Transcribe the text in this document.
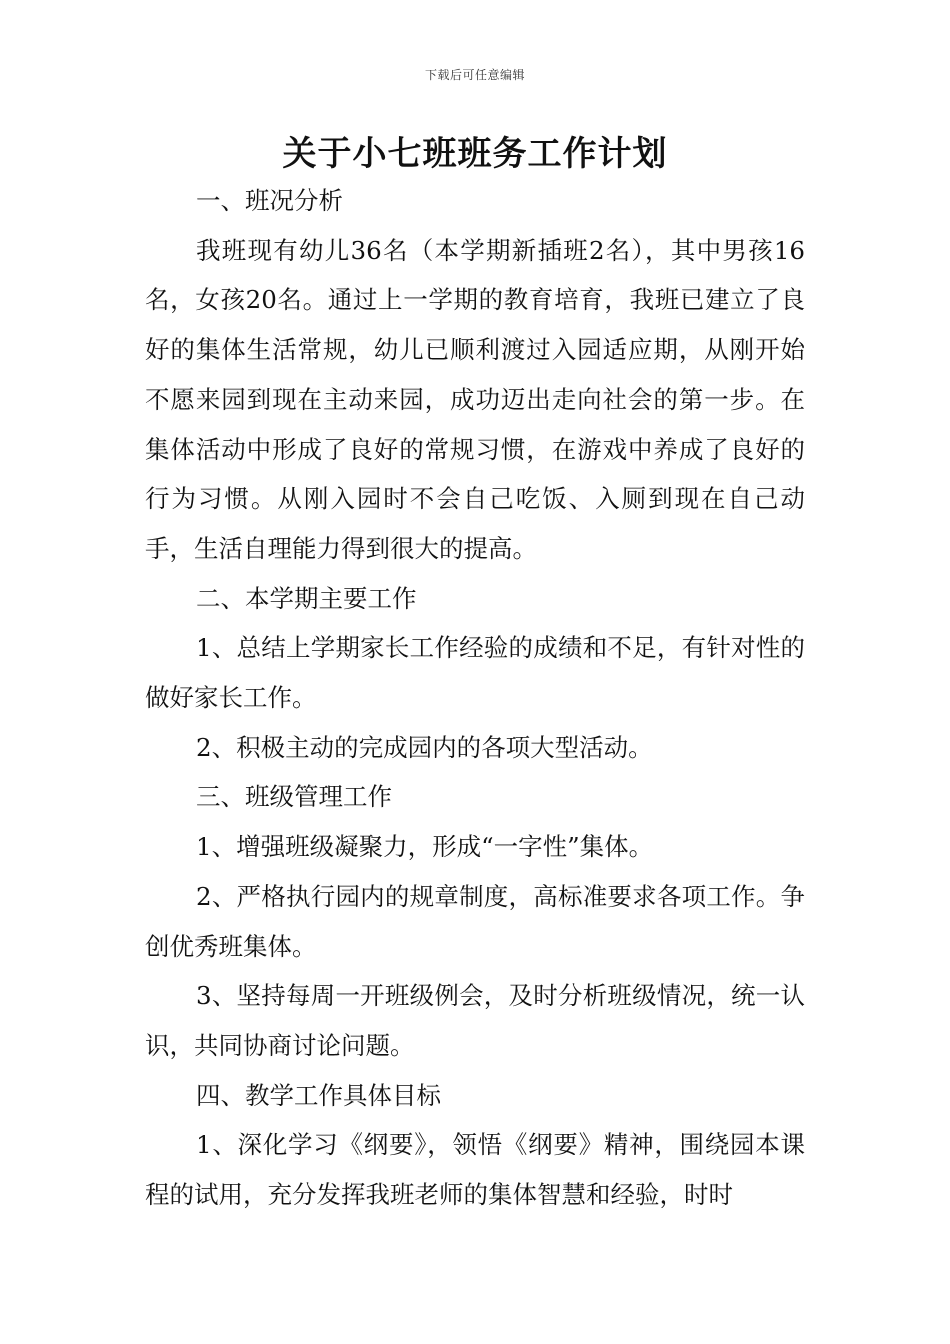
下载后可任意编辑
关于小七班班务工作计划

一、班况分析

我班现有幼儿36名（本学期新插班2名），其中男孩16名，女孩20名。通过上一学期的教育培育，我班已建立了良好的集体生活常规，幼儿已顺利渡过入园适应期，从刚开始不愿来园到现在主动来园，成功迈出走向社会的第一步。在集体活动中形成了良好的常规习惯，在游戏中养成了良好的行为习惯。从刚入园时不会自己吃饭、入厕到现在自己动手，生活自理能力得到很大的提高。

二、本学期主要工作

1、总结上学期家长工作经验的成绩和不足，有针对性的做好家长工作。

2、积极主动的完成园内的各项大型活动。

三、班级管理工作

1、增强班级凝聚力，形成“一字性”集体。

2、严格执行园内的规章制度，高标准要求各项工作。争创优秀班集体。

3、坚持每周一开班级例会，及时分析班级情况，统一认识，共同协商讨论问题。

四、教学工作具体目标

1、深化学习《纲要》，领悟《纲要》精神，围绕园本课程的试用，充分发挥我班老师的集体智慧和经验，时时
